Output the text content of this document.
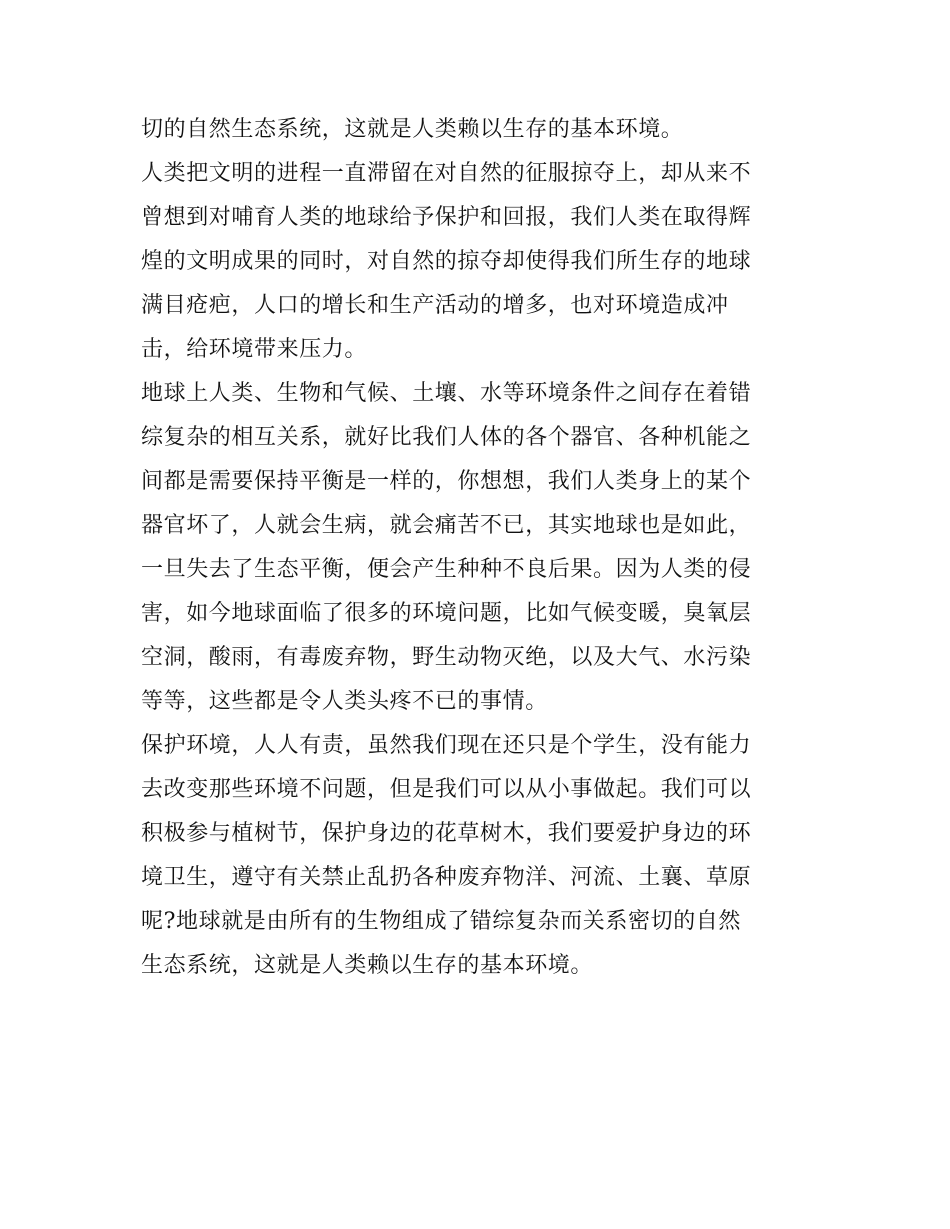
切的自然生态系统，这就是人类赖以生存的基本环境。
人类把文明的进程一直滞留在对自然的征服掠夺上，却从来不
曾想到对哺育人类的地球给予保护和回报，我们人类在取得辉
煌的文明成果的同时，对自然的掠夺却使得我们所生存的地球
满目疮疤，人口的增长和生产活动的增多，也对环境造成冲
击，给环境带来压力。
地球上人类、生物和气候、土壤、水等环境条件之间存在着错
综复杂的相互关系，就好比我们人体的各个器官、各种机能之
间都是需要保持平衡是一样的，你想想，我们人类身上的某个
器官坏了，人就会生病，就会痛苦不已，其实地球也是如此，
一旦失去了生态平衡，便会产生种种不良后果。因为人类的侵
害，如今地球面临了很多的环境问题，比如气候变暖，臭氧层
空洞，酸雨，有毒废弃物，野生动物灭绝，以及大气、水污染
等等，这些都是令人类头疼不已的事情。
保护环境，人人有责，虽然我们现在还只是个学生，没有能力
去改变那些环境不问题，但是我们可以从小事做起。我们可以
积极参与植树节，保护身边的花草树木，我们要爱护身边的环
境卫生，遵守有关禁止乱扔各种废弃物洋、河流、土襄、草原
呢?地球就是由所有的生物组成了错综复杂而关系密切的自然
生态系统，这就是人类赖以生存的基本环境。
